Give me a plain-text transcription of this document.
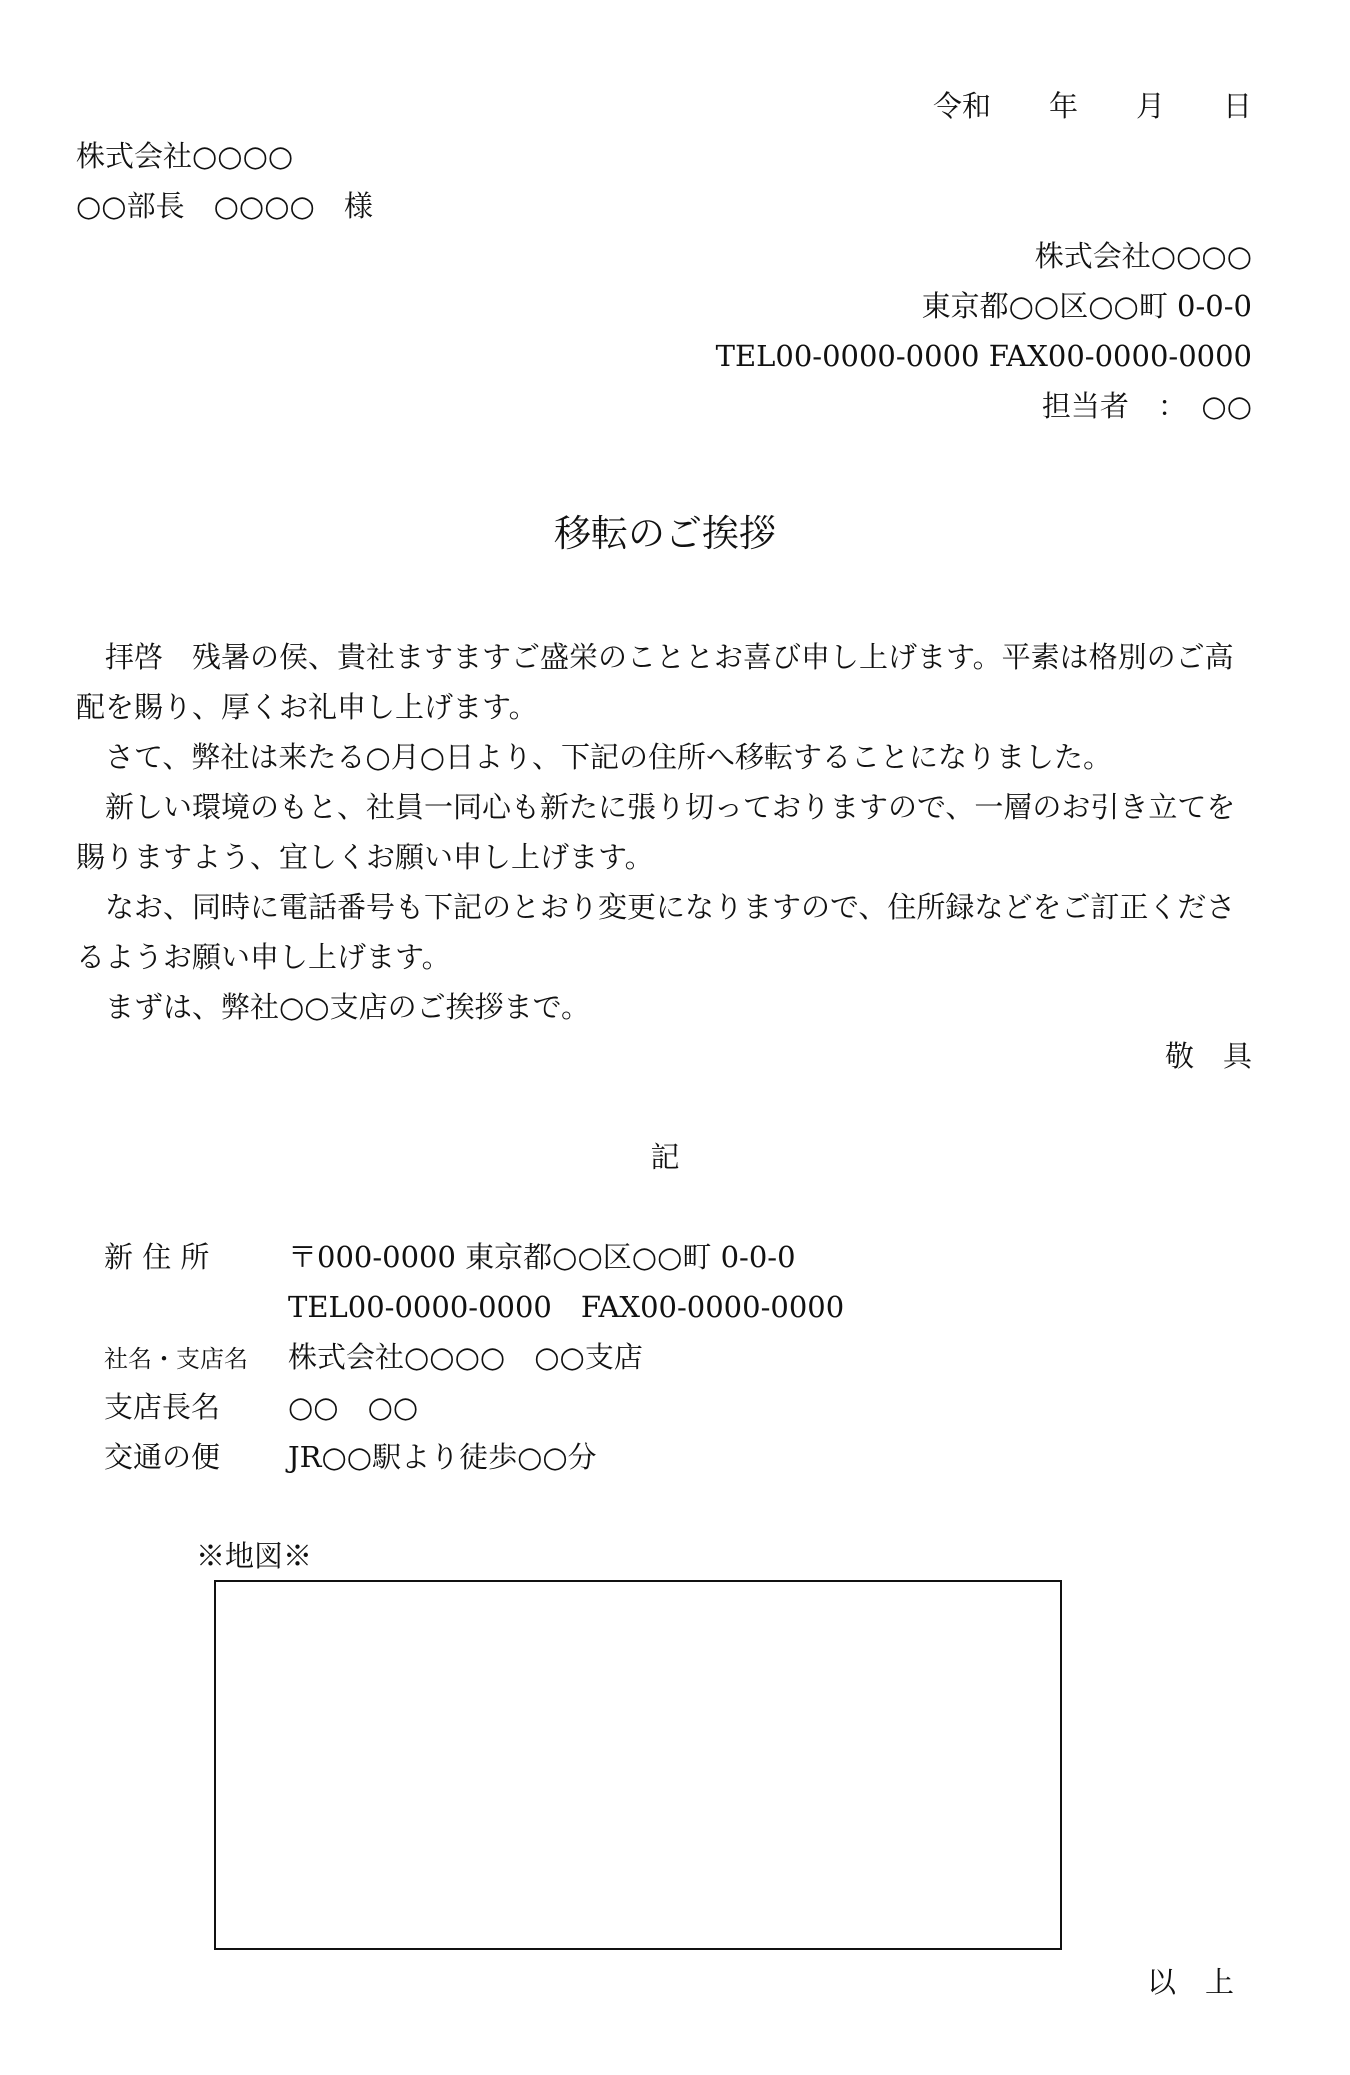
令和　　年　　月　　日
株式会社○○○○
○○部長　○○○○　様
株式会社○○○○
東京都○○区○○町 0-0-0
TEL00-0000-0000 FAX00-0000-0000
担当者　：　○○
移転のご挨拶

拝啓　残暑の侯、貴社ますますご盛栄のこととお喜び申し上げます。平素は格別のご高配を賜り、厚くお礼申し上げます。

さて、弊社は来たる○月○日より、下記の住所へ移転することになりました。

新しい環境のもと、社員一同心も新たに張り切っておりますので、一層のお引き立てを賜りますよう、宜しくお願い申し上げます。

なお、同時に電話番号も下記のとおり変更になりますので、住所録などをご訂正くださるようお願い申し上げます。

まずは、弊社○○支店のご挨拶まで。

敬　具
記
新 住 所	〒000-0000 東京都○○区○○町 0-0-0
TEL00-0000-0000　FAX00-0000-0000
社名・支店名 株式会社○○○○　○○支店
支店長名 ○○　○○
交通の便 JR○○駅より徒歩○○分
※地図※
以　上
